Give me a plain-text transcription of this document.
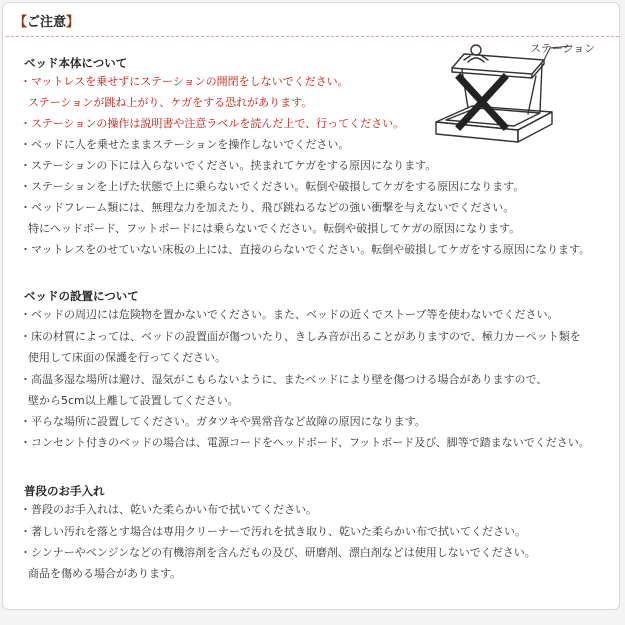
【ご注意】
ステーション
ベッド本体について
・マットレスを乗せずにステーションの開閉をしないでください。
ステーションが跳ね上がり、ケガをする恐れがあります。
・ステーションの操作は説明書や注意ラベルを読んだ上で、行ってください。
・ベッドに人を乗せたままステーションを操作しないでください。
・ステーションの下には入らないでください。挟まれてケガをする原因になります。
・ステーションを上げた状態で上に乗らないでください。転倒や破損してケガをする原因になります。
・ベッドフレーム類には、無理な力を加えたり、飛び跳ねるなどの強い衝撃を与えないでください。
特にヘッドボード、フットボードには乗らないでください。転倒や破損してケガの原因になります。
・マットレスをのせていない床板の上には、直接のらないでください。転倒や破損してケガをする原因になります。
ベッドの設置について
・ベッドの周辺には危険物を置かないでください。また、ベッドの近くでストーブ等を使わないでください。
・床の材質によっては、ベッドの設置面が傷ついたり、きしみ音が出ることがありますので、極力カーペット類を
使用して床面の保護を行ってください。
・高温多湿な場所は避け、湿気がこもらないように、またベッドにより壁を傷つける場合がありますので、
壁から5cm以上離して設置してください。
・平らな場所に設置してください。ガタツキや異常音など故障の原因になります。
・コンセント付きのベッドの場合は、電源コードをヘッドボード、フットボード及び、脚等で踏まないでください。
普段のお手入れ
・普段のお手入れは、乾いた柔らかい布で拭いてください。
・著しい汚れを落とす場合は専用クリーナーで汚れを拭き取り、乾いた柔らかい布で拭いてください。
・シンナーやベンジンなどの有機溶剤を含んだもの及び、研磨剤、漂白剤などは使用しないでください。
商品を傷める場合があります。
